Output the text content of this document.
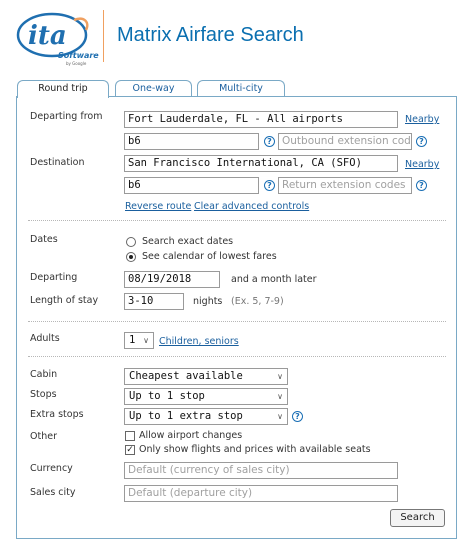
ita
Software
by Google
Matrix Airfare Search
Round trip	One-way	Multi-city
Departing from	Fort Lauderdale, FL - All airports	Nearby
b6	? Outbound extension cod	?
Destination	San Francisco International, CA (SFO)	Nearby
b6	? Return extension codes	?
Reverse route Clear advanced controls
Dates	Search exact dates
See calendar of lowest fares
Departing	08/19/2018	and a month later
Length of stay	3-10	nights (Ex. 5, 7-9)
Adults	1 ∨ Children, seniors
Cabin	Cheapest available	∨
Stops	Up to 1 stop	∨
Extra stops	Up to 1 extra stop	∨	?
Other	Allow airport changes
✓ Only show flights and prices with available seats
Currency	Default (currency of sales city)
Sales city	Default (departure city)
Search
